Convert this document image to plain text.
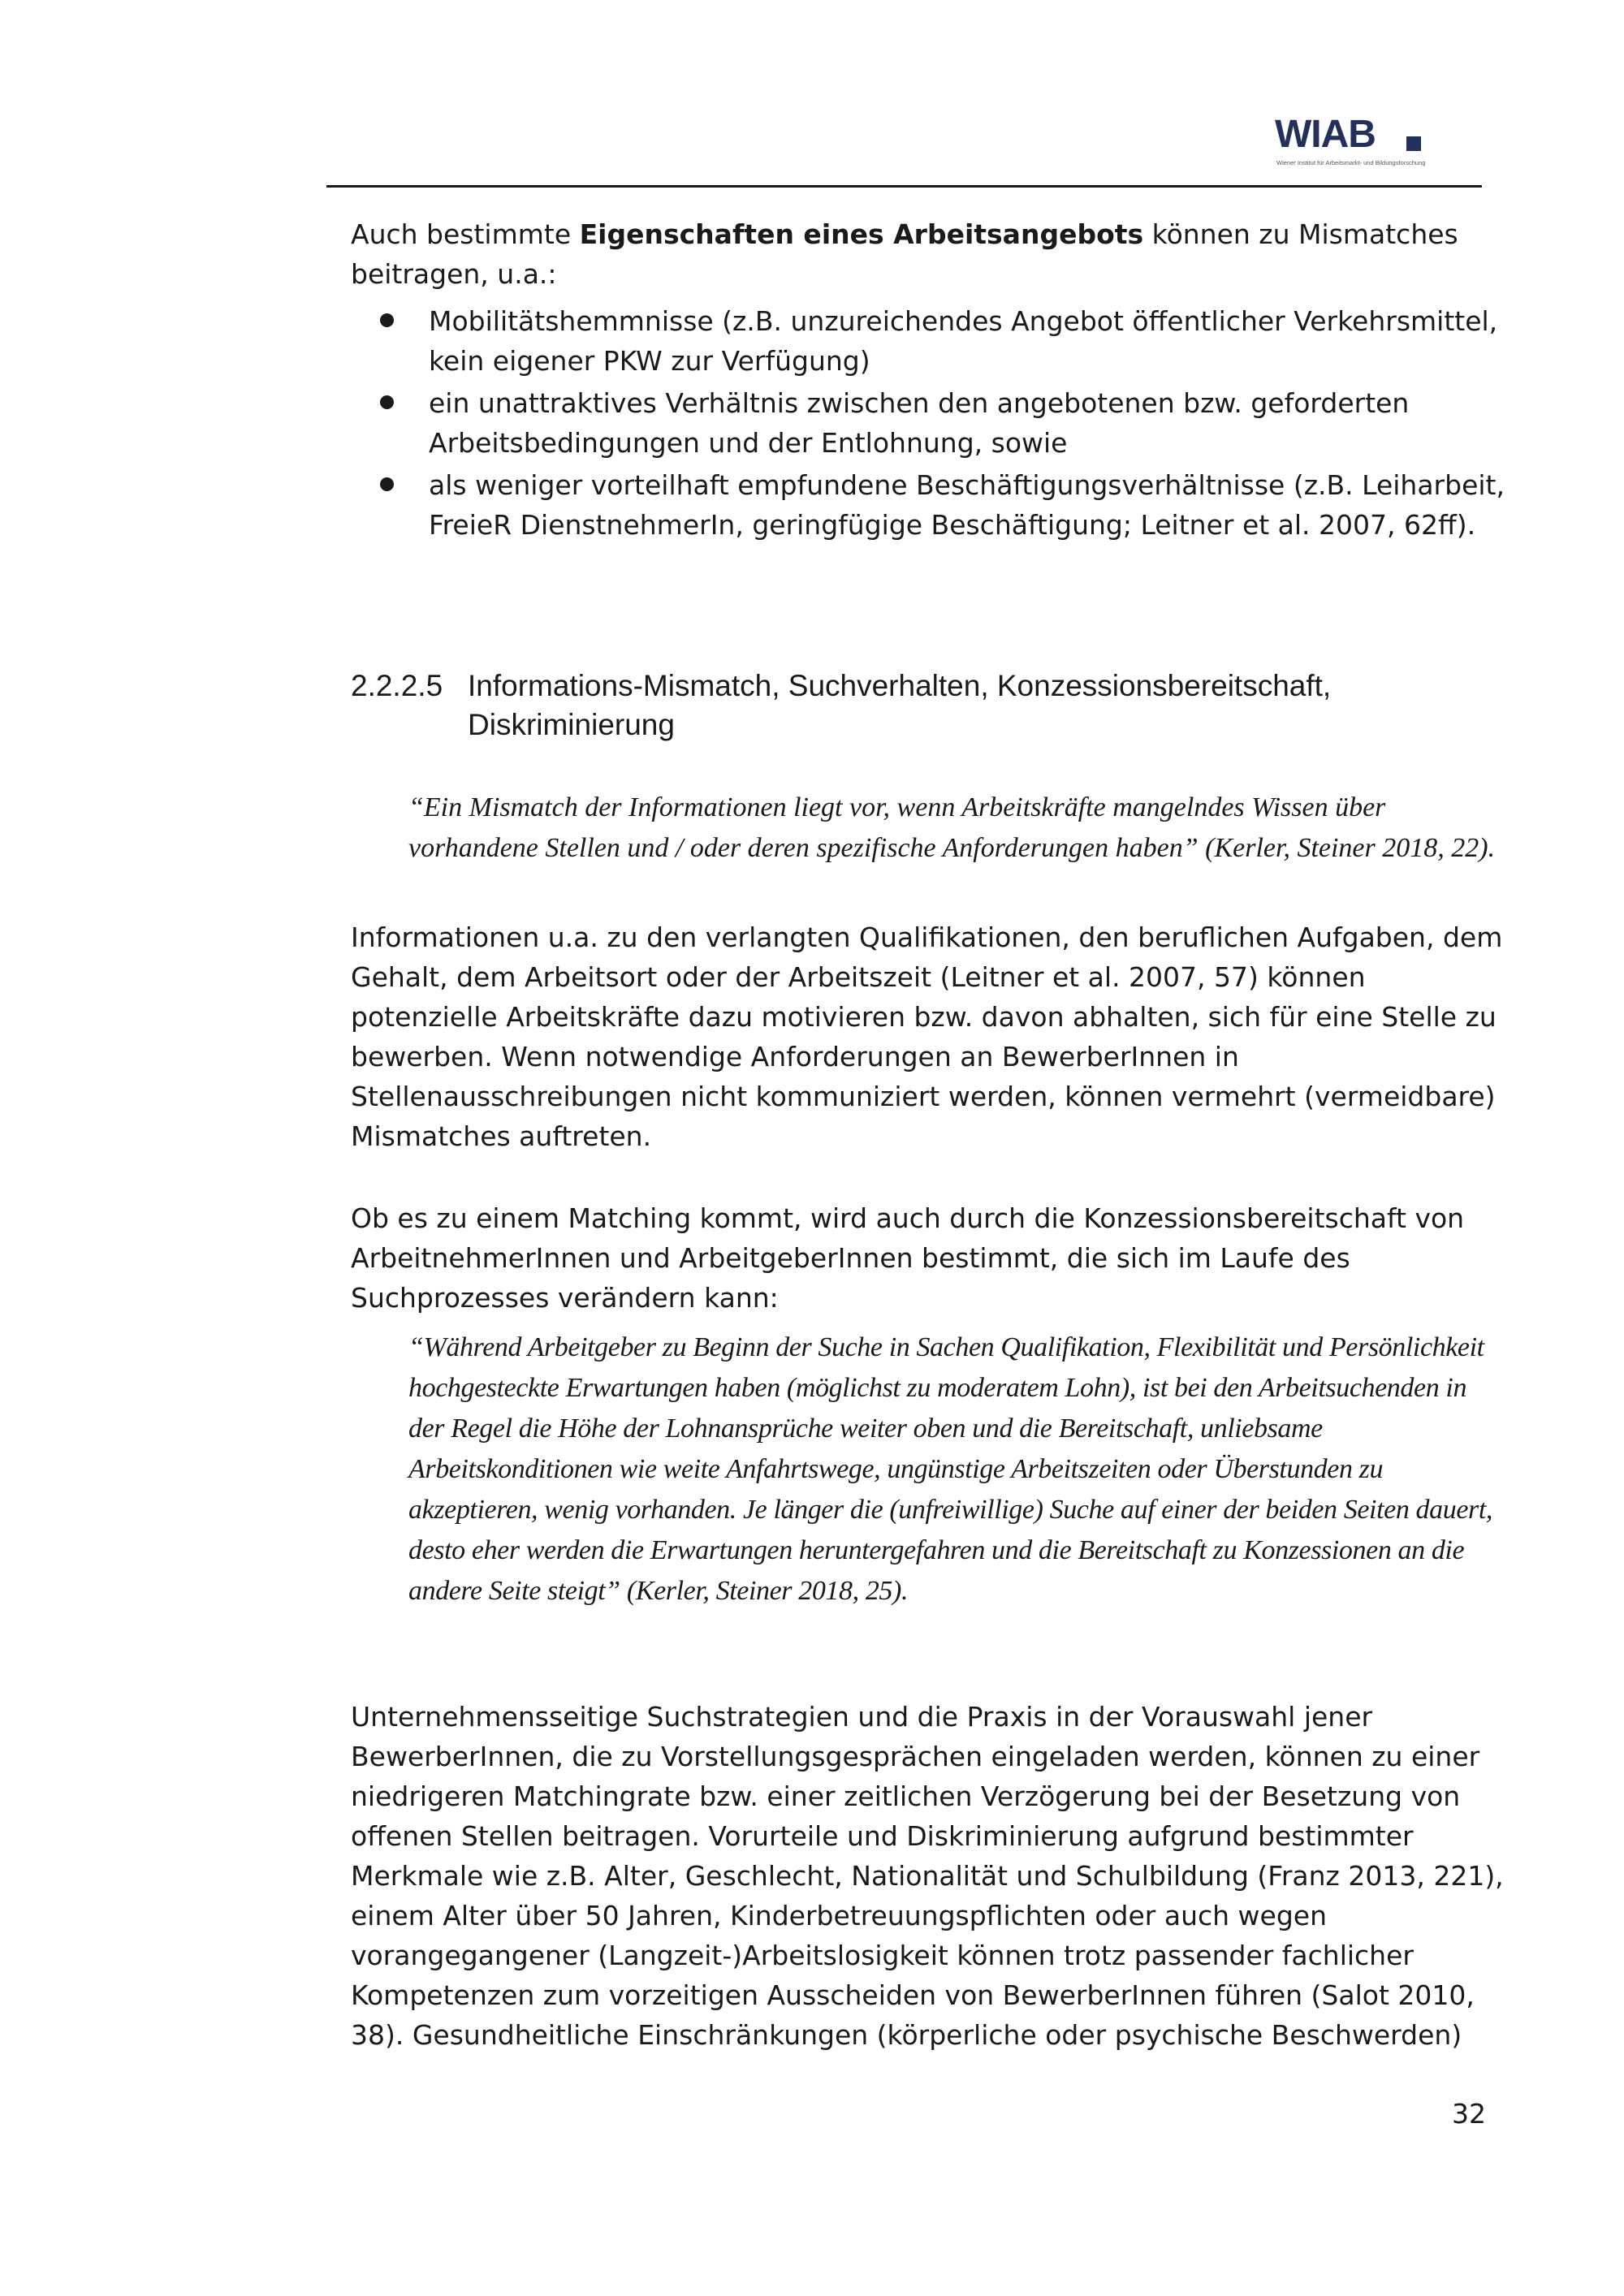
WIAB
Wiener Institut für Arbeitsmarkt- und Bildungsforschung

Auch bestimmte Eigenschaften eines Arbeitsangebots können zu Mismatches beitragen, u.a.:

Mobilitätshemmnisse (z.B. unzureichendes Angebot öffentlicher Verkehrsmittel, kein eigener PKW zur Verfügung)
ein unattraktives Verhältnis zwischen den angebotenen bzw. geforderten Arbeitsbedingungen und der Entlohnung, sowie
als weniger vorteilhaft empfundene Beschäftigungsverhältnisse (z.B. Leiharbeit, FreieR DienstnehmerIn, geringfügige Beschäftigung; Leitner et al. 2007, 62ff).
2.2.2.5 Informations-Mismatch, Suchverhalten, Konzessionsbereitschaft, Diskriminierung

“Ein Mismatch der Informationen liegt vor, wenn Arbeitskräfte mangelndes Wissen über vorhandene Stellen und / oder deren spezifische Anforderungen haben” (Kerler, Steiner 2018, 22).

Informationen u.a. zu den verlangten Qualifikationen, den beruflichen Aufgaben, dem Gehalt, dem Arbeitsort oder der Arbeitszeit (Leitner et al. 2007, 57) können potenzielle Arbeitskräfte dazu motivieren bzw. davon abhalten, sich für eine Stelle zu bewerben. Wenn notwendige Anforderungen an BewerberInnen in Stellenausschreibungen nicht kommuniziert werden, können vermehrt (vermeidbare) Mismatches auftreten.

Ob es zu einem Matching kommt, wird auch durch die Konzessionsbereitschaft von ArbeitnehmerInnen und ArbeitgeberInnen bestimmt, die sich im Laufe des Suchprozesses verändern kann:

“Während Arbeitgeber zu Beginn der Suche in Sachen Qualifikation, Flexibilität und Persönlichkeit hochgesteckte Erwartungen haben (möglichst zu moderatem Lohn), ist bei den Arbeitsuchenden in der Regel die Höhe der Lohnansprüche weiter oben und die Bereitschaft, unliebsame Arbeitskonditionen wie weite Anfahrtswege, ungünstige Arbeitszeiten oder Überstunden zu akzeptieren, wenig vorhanden. Je länger die (unfreiwillige) Suche auf einer der beiden Seiten dauert, desto eher werden die Erwartungen heruntergefahren und die Bereitschaft zu Konzessionen an die andere Seite steigt” (Kerler, Steiner 2018, 25).

Unternehmensseitige Suchstrategien und die Praxis in der Vorauswahl jener BewerberInnen, die zu Vorstellungsgesprächen eingeladen werden, können zu einer niedrigeren Matchingrate bzw. einer zeitlichen Verzögerung bei der Besetzung von offenen Stellen beitragen. Vorurteile und Diskriminierung aufgrund bestimmter Merkmale wie z.B. Alter, Geschlecht, Nationalität und Schulbildung (Franz 2013, 221), einem Alter über 50 Jahren, Kinderbetreuungspflichten oder auch wegen vorangegangener (Langzeit-)Arbeitslosigkeit können trotz passender fachlicher Kompetenzen zum vorzeitigen Ausscheiden von BewerberInnen führen (Salot 2010, 38). Gesundheitliche Einschränkungen (körperliche oder psychische Beschwerden)

32
